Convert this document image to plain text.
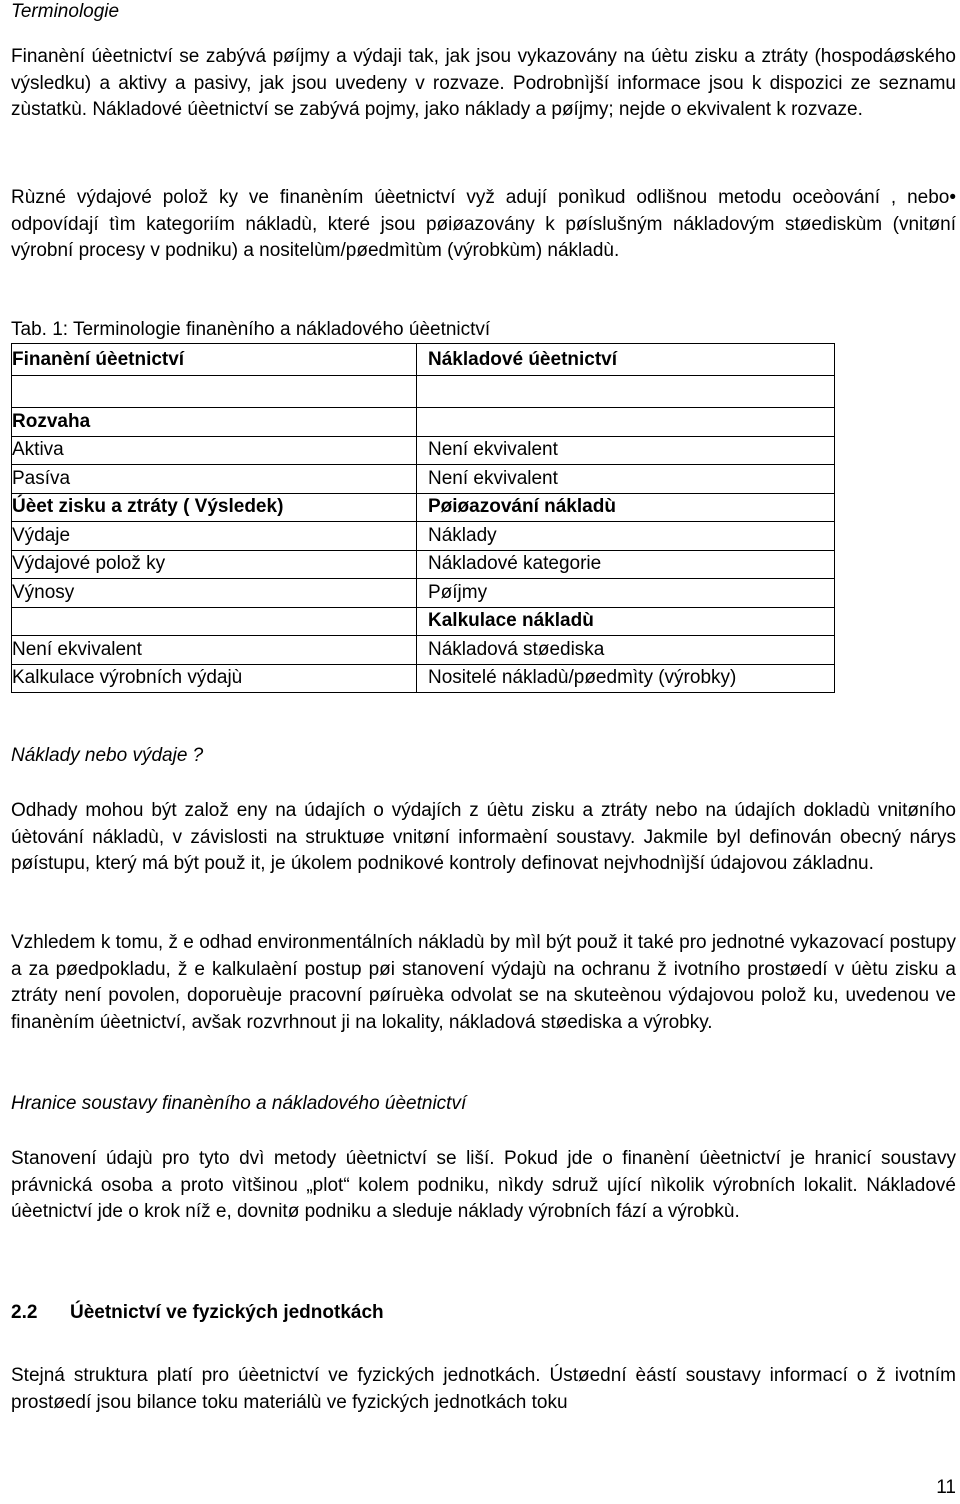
Terminologie

Finanèní úèetnictví se zabývá pøíjmy a výdaji tak, jak jsou vykazovány na úètu zisku a ztráty (hospodáøského výsledku) a aktivy a pasivy, jak jsou uvedeny v rozvaze. Podrobnìjší informace jsou k dispozici ze seznamu zùstatkù. Nákladové úèetnictví se zabývá pojmy, jako náklady a pøíjmy; nejde o ekvivalent k rozvaze.

Rùzné výdajové polož ky ve finanèním úèetnictví vyž adují ponìkud odlišnou metodu oceòování , nebo• odpovídají tìm kategoriím nákladù, které jsou pøiøazovány k pøíslušným nákladovým støediskùm (vnitøní výrobní procesy v podniku) a nositelùm/pøedmìtùm (výrobkùm) nákladù.

Tab. 1: Terminologie finanèního a nákladového úèetnictví
Finanèní úèetnictví	Nákladové úèetnictví

Rozvaha	
Aktiva	Není ekvivalent
Pasíva	Není ekvivalent
Úèet zisku a ztráty ( Výsledek)	Pøiøazování nákladù
Výdaje	Náklady
Výdajové polož ky	Nákladové kategorie
Výnosy	Pøíjmy
	Kalkulace nákladù
Není ekvivalent	Nákladová støediska
Kalkulace výrobních výdajù	Nositelé nákladù/pøedmìty (výrobky)
Náklady nebo výdaje ?

Odhady mohou být založ eny na údajích o výdajích z úètu zisku a ztráty nebo na údajích dokladù vnitøního úètování nákladù, v závislosti na struktuøe vnitøní informaèní soustavy. Jakmile byl definován obecný nárys pøístupu, který má být použ it, je úkolem podnikové kontroly definovat nejvhodnìjší údajovou základnu.

Vzhledem k tomu, ž e odhad environmentálních nákladù by mìl být použ it také pro jednotné vykazovací postupy a za pøedpokladu, ž e kalkulaèní postup pøi stanovení výdajù na ochranu ž ivotního prostøedí v úètu zisku a ztráty není povolen, doporuèuje pracovní pøíruèka odvolat se na skuteènou výdajovou polož ku, uvedenou ve finanèním úèetnictví, avšak rozvrhnout ji na lokality, nákladová støediska a výrobky.

Hranice soustavy finanèního a nákladového úèetnictví

Stanovení údajù pro tyto dvì metody úèetnictví se liší. Pokud jde o finanèní úèetnictví je hranicí soustavy právnická osoba a proto vìtšinou „plot“ kolem podniku, nìkdy sdruž ující nìkolik výrobních lokalit. Nákladové úèetnictví jde o krok níž e, dovnitø podniku a sleduje náklady výrobních fází a výrobkù.

2.2 Úèetnictví ve fyzických jednotkách

Stejná struktura platí pro úèetnictví ve fyzických jednotkách. Ústøední èástí soustavy informací o ž ivotním prostøedí jsou bilance toku materiálù ve fyzických jednotkách toku

11
